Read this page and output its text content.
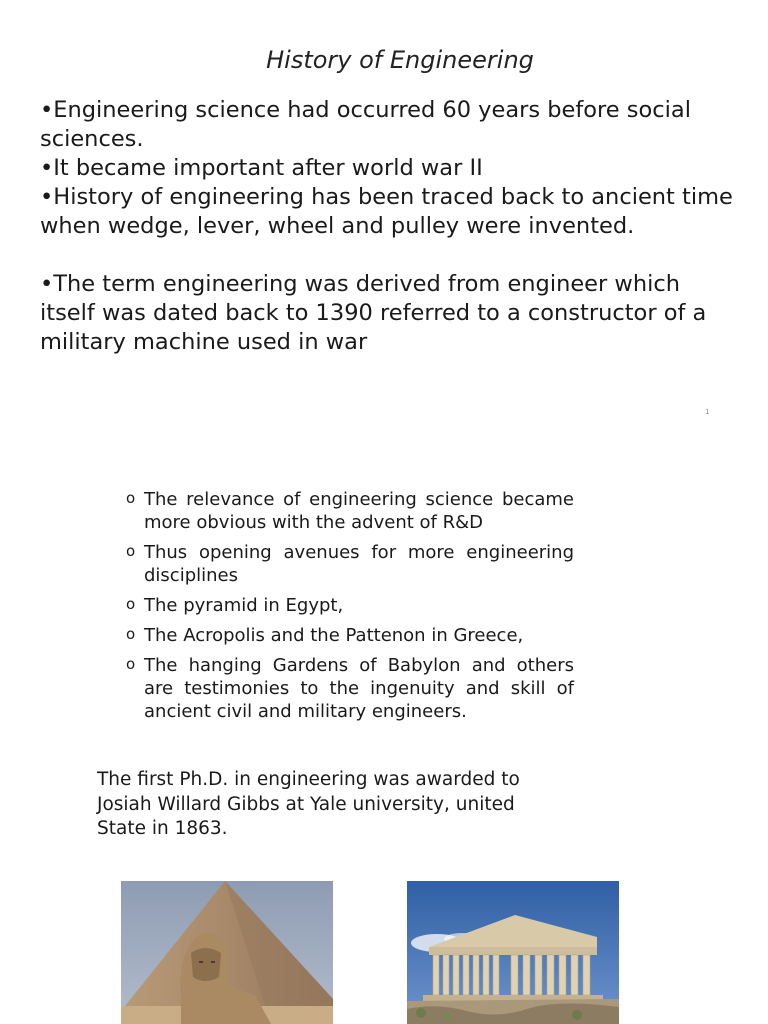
History of Engineering

•Engineering science had occurred 60 years before social sciences.

•It became important after world war II

•History of engineering has been traced back to ancient time when wedge, lever, wheel and pulley were invented.

•The term engineering was derived from engineer which itself was dated back to 1390 referred to a constructor of a military machine used in war

1
o The relevance of engineering science became more obvious with the advent of R&D
o Thus opening avenues for more engineering disciplines
o The pyramid in Egypt,
o The Acropolis and the Pattenon in Greece,
o The hanging Gardens of Babylon and others are testimonies to the ingenuity and skill of ancient civil and military engineers.
The first Ph.D. in engineering was awarded to Josiah Willard Gibbs at Yale university, united State in 1863.
